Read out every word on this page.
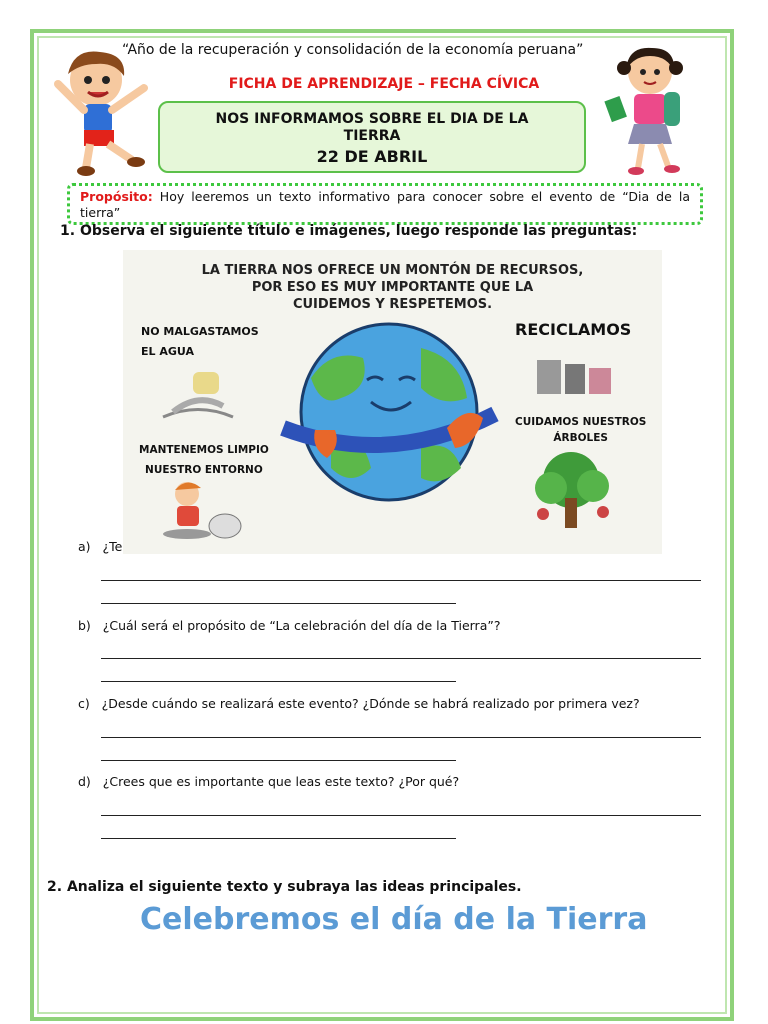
“Año de la recuperación y consolidación de la economía peruana”
FICHA DE APRENDIZAJE – FECHA CÍVICA
NOS INFORMAMOS SOBRE EL DIA DE LA TIERRA
22 DE ABRIL
Propósito: Hoy leeremos un texto informativo para conocer sobre el evento de “Dia de la tierra”
1. Observa el siguiente título e imágenes, luego responde las preguntas:
LA TIERRA NOS OFRECE UN MONTÓN DE RECURSOS,
POR ESO ES MUY IMPORTANTE QUE LA
CUIDEMOS Y RESPETEMOS.
NO MALGASTAMOS
EL AGUA
RECICLAMOS
CUIDAMOS NUESTROS
ÁRBOLES
MANTENEMOS LIMPIO
NUESTRO ENTORNO
a) ¿Te
b) ¿Cuál será el propósito de “La celebración del día de la Tierra”?
c) ¿Desde cuándo se realizará este evento? ¿Dónde se habrá realizado por primera vez?
d) ¿Crees que es importante que leas este texto? ¿Por qué?
2. Analiza el siguiente texto y subraya las ideas principales.
Celebremos el día de la Tierra
